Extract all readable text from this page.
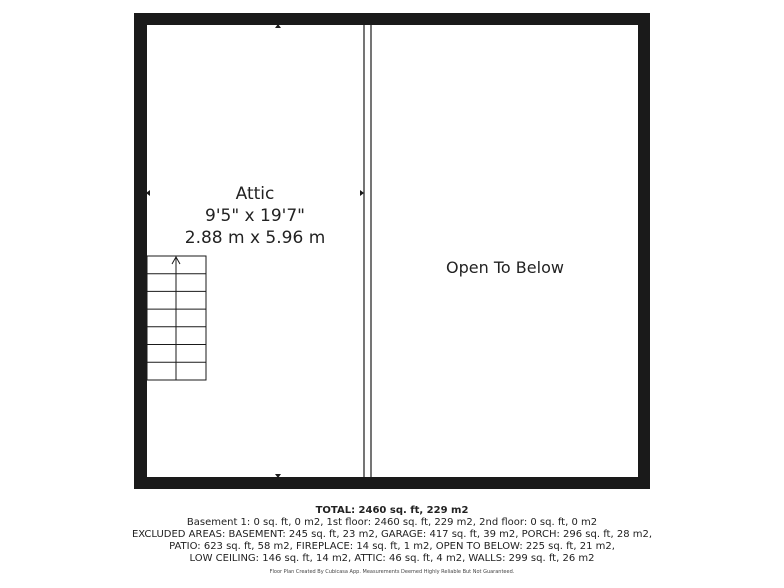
Attic
9'5" x 19'7"
2.88 m x 5.96 m
Open To Below
TOTAL: 2460 sq. ft, 229 m2
Basement 1: 0 sq. ft, 0 m2, 1st floor: 2460 sq. ft, 229 m2, 2nd floor: 0 sq. ft, 0 m2
EXCLUDED AREAS: BASEMENT: 245 sq. ft, 23 m2, GARAGE: 417 sq. ft, 39 m2, PORCH: 296 sq. ft, 28 m2,
PATIO: 623 sq. ft, 58 m2, FIREPLACE: 14 sq. ft, 1 m2, OPEN TO BELOW: 225 sq. ft, 21 m2,
LOW CEILING: 146 sq. ft, 14 m2, ATTIC: 46 sq. ft, 4 m2, WALLS: 299 sq. ft, 26 m2
Floor Plan Created By Cubicasa App. Measurements Deemed Highly Reliable But Not Guaranteed.
